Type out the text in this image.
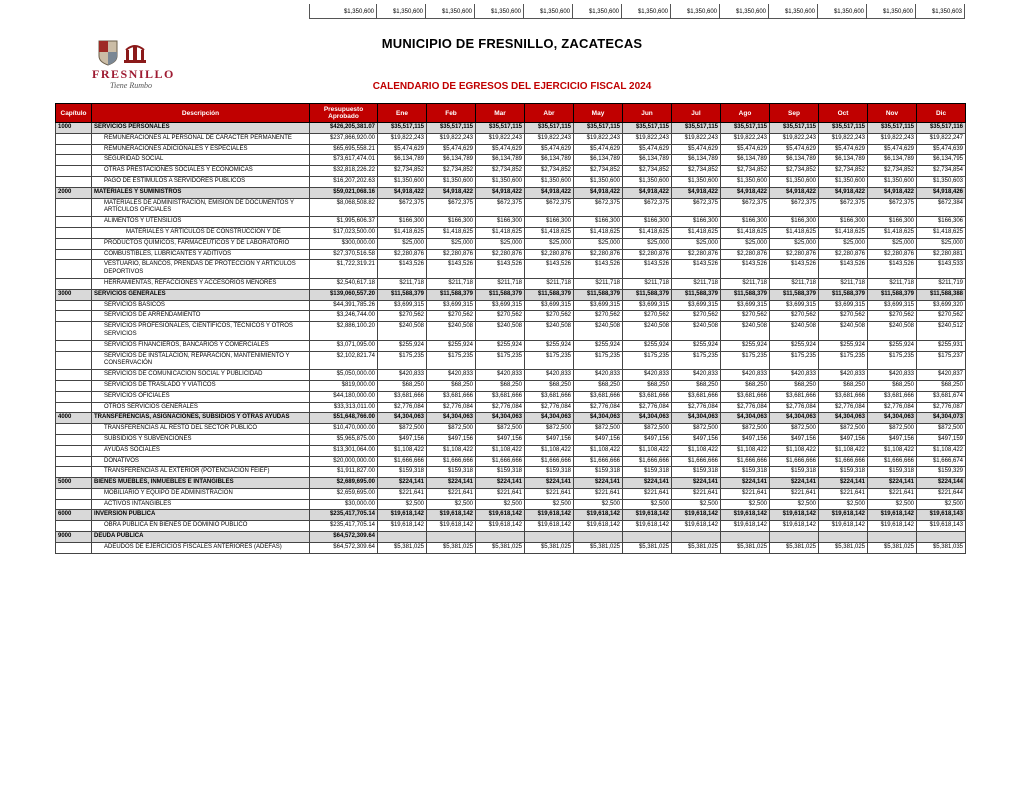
$1,350,600	$1,350,600	$1,350,600	$1,350,600	$1,350,600	$1,350,600	$1,350,600	$1,350,600	$1,350,600	$1,350,600	$1,350,600	$1,350,600	$1,350,603
FRESNILLO
Tiene Rumbo
MUNICIPIO DE FRESNILLO, ZACATECAS
CALENDARIO DE EGRESOS DEL EJERCICIO FISCAL 2024
Capítulo	Descripción	Presupuesto Aprobado	Ene	Feb	Mar	Abr	May	Jun	Jul	Ago	Sep	Oct	Nov	Dic
1000	SERVICIOS PERSONALES	$426,205,381.07	$35,517,115	$35,517,115	$35,517,115	$35,517,115	$35,517,115	$35,517,115	$35,517,115	$35,517,115	$35,517,115	$35,517,115	$35,517,115	$35,517,116
	REMUNERACIONES AL PERSONAL DE CARÁCTER PERMANENTE	$237,866,920.00	$19,822,243	$19,822,243	$19,822,243	$19,822,243	$19,822,243	$19,822,243	$19,822,243	$19,822,243	$19,822,243	$19,822,243	$19,822,243	$19,822,247
	REMUNERACIONES ADICIONALES Y ESPECIALES	$65,695,558.21	$5,474,629	$5,474,629	$5,474,629	$5,474,629	$5,474,629	$5,474,629	$5,474,629	$5,474,629	$5,474,629	$5,474,629	$5,474,629	$5,474,639
	SEGURIDAD SOCIAL	$73,617,474.01	$6,134,789	$6,134,789	$6,134,789	$6,134,789	$6,134,789	$6,134,789	$6,134,789	$6,134,789	$6,134,789	$6,134,789	$6,134,789	$6,134,795
	OTRAS PRESTACIONES SOCIALES Y ECONÓMICAS	$32,818,226.22	$2,734,852	$2,734,852	$2,734,852	$2,734,852	$2,734,852	$2,734,852	$2,734,852	$2,734,852	$2,734,852	$2,734,852	$2,734,852	$2,734,854
	PAGO DE ESTÍMULOS A SERVIDORES PÚBLICOS	$16,207,202.63	$1,350,600	$1,350,600	$1,350,600	$1,350,600	$1,350,600	$1,350,600	$1,350,600	$1,350,600	$1,350,600	$1,350,600	$1,350,600	$1,350,603
2000	MATERIALES Y SUMINISTROS	$59,021,068.16	$4,918,422	$4,918,422	$4,918,422	$4,918,422	$4,918,422	$4,918,422	$4,918,422	$4,918,422	$4,918,422	$4,918,422	$4,918,422	$4,918,426
	MATERIALES DE ADMINISTRACIÓN, EMISIÓN DE DOCUMENTOS Y ARTÍCULOS OFICIALES	$8,068,508.82	$672,375	$672,375	$672,375	$672,375	$672,375	$672,375	$672,375	$672,375	$672,375	$672,375	$672,375	$672,384
	ALIMENTOS Y UTENSILIOS	$1,995,606.37	$166,300	$166,300	$166,300	$166,300	$166,300	$166,300	$166,300	$166,300	$166,300	$166,300	$166,300	$166,306
	MATERIALES Y ARTÍCULOS DE CONSTRUCCIÓN Y DE	$17,023,500.00	$1,418,625	$1,418,625	$1,418,625	$1,418,625	$1,418,625	$1,418,625	$1,418,625	$1,418,625	$1,418,625	$1,418,625	$1,418,625	$1,418,625
	PRODUCTOS QUÍMICOS, FARMACÉUTICOS Y DE LABORATORIO	$300,000.00	$25,000	$25,000	$25,000	$25,000	$25,000	$25,000	$25,000	$25,000	$25,000	$25,000	$25,000	$25,000
	COMBUSTIBLES, LUBRICANTES Y ADITIVOS	$27,370,516.58	$2,280,876	$2,280,876	$2,280,876	$2,280,876	$2,280,876	$2,280,876	$2,280,876	$2,280,876	$2,280,876	$2,280,876	$2,280,876	$2,280,881
	VESTUARIO, BLANCOS, PRENDAS DE PROTECCIÓN Y ARTÍCULOS DEPORTIVOS	$1,722,319.21	$143,526	$143,526	$143,526	$143,526	$143,526	$143,526	$143,526	$143,526	$143,526	$143,526	$143,526	$143,533
	HERRAMIENTAS, REFACCIONES Y ACCESORIOS MENORES	$2,540,617.18	$211,718	$211,718	$211,718	$211,718	$211,718	$211,718	$211,718	$211,718	$211,718	$211,718	$211,718	$211,719
3000	SERVICIOS GENERALES	$139,060,557.20	$11,588,379	$11,588,379	$11,588,379	$11,588,379	$11,588,379	$11,588,379	$11,588,379	$11,588,379	$11,588,379	$11,588,379	$11,588,379	$11,588,388
	SERVICIOS BÁSICOS	$44,391,785.26	$3,699,315	$3,699,315	$3,699,315	$3,699,315	$3,699,315	$3,699,315	$3,699,315	$3,699,315	$3,699,315	$3,699,315	$3,699,315	$3,699,320
	SERVICIOS DE ARRENDAMIENTO	$3,246,744.00	$270,562	$270,562	$270,562	$270,562	$270,562	$270,562	$270,562	$270,562	$270,562	$270,562	$270,562	$270,562
	SERVICIOS PROFESIONALES, CIENTÍFICOS, TÉCNICOS Y OTROS SERVICIOS	$2,886,100.20	$240,508	$240,508	$240,508	$240,508	$240,508	$240,508	$240,508	$240,508	$240,508	$240,508	$240,508	$240,512
	SERVICIOS FINANCIEROS, BANCARIOS Y COMERCIALES	$3,071,095.00	$255,924	$255,924	$255,924	$255,924	$255,924	$255,924	$255,924	$255,924	$255,924	$255,924	$255,924	$255,931
	SERVICIOS DE INSTALACIÓN, REPARACIÓN, MANTENIMIENTO Y CONSERVACIÓN	$2,102,821.74	$175,235	$175,235	$175,235	$175,235	$175,235	$175,235	$175,235	$175,235	$175,235	$175,235	$175,235	$175,237
	SERVICIOS DE COMUNICACIÓN SOCIAL Y PUBLICIDAD	$5,050,000.00	$420,833	$420,833	$420,833	$420,833	$420,833	$420,833	$420,833	$420,833	$420,833	$420,833	$420,833	$420,837
	SERVICIOS DE TRASLADO Y VIÁTICOS	$819,000.00	$68,250	$68,250	$68,250	$68,250	$68,250	$68,250	$68,250	$68,250	$68,250	$68,250	$68,250	$68,250
	SERVICIOS OFICIALES	$44,180,000.00	$3,681,666	$3,681,666	$3,681,666	$3,681,666	$3,681,666	$3,681,666	$3,681,666	$3,681,666	$3,681,666	$3,681,666	$3,681,666	$3,681,674
	OTROS SERVICIOS GENERALES	$33,313,011.00	$2,776,084	$2,776,084	$2,776,084	$2,776,084	$2,776,084	$2,776,084	$2,776,084	$2,776,084	$2,776,084	$2,776,084	$2,776,084	$2,776,087
4000	TRANSFERENCIAS, ASIGNACIONES, SUBSIDIOS Y OTRAS AYUDAS	$51,648,766.00	$4,304,063	$4,304,063	$4,304,063	$4,304,063	$4,304,063	$4,304,063	$4,304,063	$4,304,063	$4,304,063	$4,304,063	$4,304,063	$4,304,073
	TRANSFERENCIAS AL RESTO DEL SECTOR PÚBLICO	$10,470,000.00	$872,500	$872,500	$872,500	$872,500	$872,500	$872,500	$872,500	$872,500	$872,500	$872,500	$872,500	$872,500
	SUBSIDIOS Y SUBVENCIONES	$5,965,875.00	$497,156	$497,156	$497,156	$497,156	$497,156	$497,156	$497,156	$497,156	$497,156	$497,156	$497,156	$497,159
	AYUDAS SOCIALES	$13,301,064.00	$1,108,422	$1,108,422	$1,108,422	$1,108,422	$1,108,422	$1,108,422	$1,108,422	$1,108,422	$1,108,422	$1,108,422	$1,108,422	$1,108,422
	DONATIVOS	$20,000,000.00	$1,666,666	$1,666,666	$1,666,666	$1,666,666	$1,666,666	$1,666,666	$1,666,666	$1,666,666	$1,666,666	$1,666,666	$1,666,666	$1,666,674
	TRANSFERENCIAS AL EXTERIOR (POTENCIACION FEIEF)	$1,911,827.00	$159,318	$159,318	$159,318	$159,318	$159,318	$159,318	$159,318	$159,318	$159,318	$159,318	$159,318	$159,329
5000	BIENES MUEBLES, INMUEBLES E INTANGIBLES	$2,689,695.00	$224,141	$224,141	$224,141	$224,141	$224,141	$224,141	$224,141	$224,141	$224,141	$224,141	$224,141	$224,144
	MOBILIARIO Y EQUIPO DE ADMINISTRACIÓN	$2,659,695.00	$221,641	$221,641	$221,641	$221,641	$221,641	$221,641	$221,641	$221,641	$221,641	$221,641	$221,641	$221,644
	ACTIVOS INTANGIBLES	$30,000.00	$2,500	$2,500	$2,500	$2,500	$2,500	$2,500	$2,500	$2,500	$2,500	$2,500	$2,500	$2,500
6000	INVERSIÓN PÚBLICA	$235,417,705.14	$19,618,142	$19,618,142	$19,618,142	$19,618,142	$19,618,142	$19,618,142	$19,618,142	$19,618,142	$19,618,142	$19,618,142	$19,618,142	$19,618,143
	OBRA PÚBLICA EN BIENES DE DOMINIO PÚBLICO	$235,417,705.14	$19,618,142	$19,618,142	$19,618,142	$19,618,142	$19,618,142	$19,618,142	$19,618,142	$19,618,142	$19,618,142	$19,618,142	$19,618,142	$19,618,143
9000	DEUDA PÚBLICA	$64,572,309.64												
	ADEUDOS DE EJERCICIOS FISCALES ANTERIORES (ADEFAS)	$64,572,309.64	$5,381,025	$5,381,025	$5,381,025	$5,381,025	$5,381,025	$5,381,025	$5,381,025	$5,381,025	$5,381,025	$5,381,025	$5,381,025	$5,381,035
